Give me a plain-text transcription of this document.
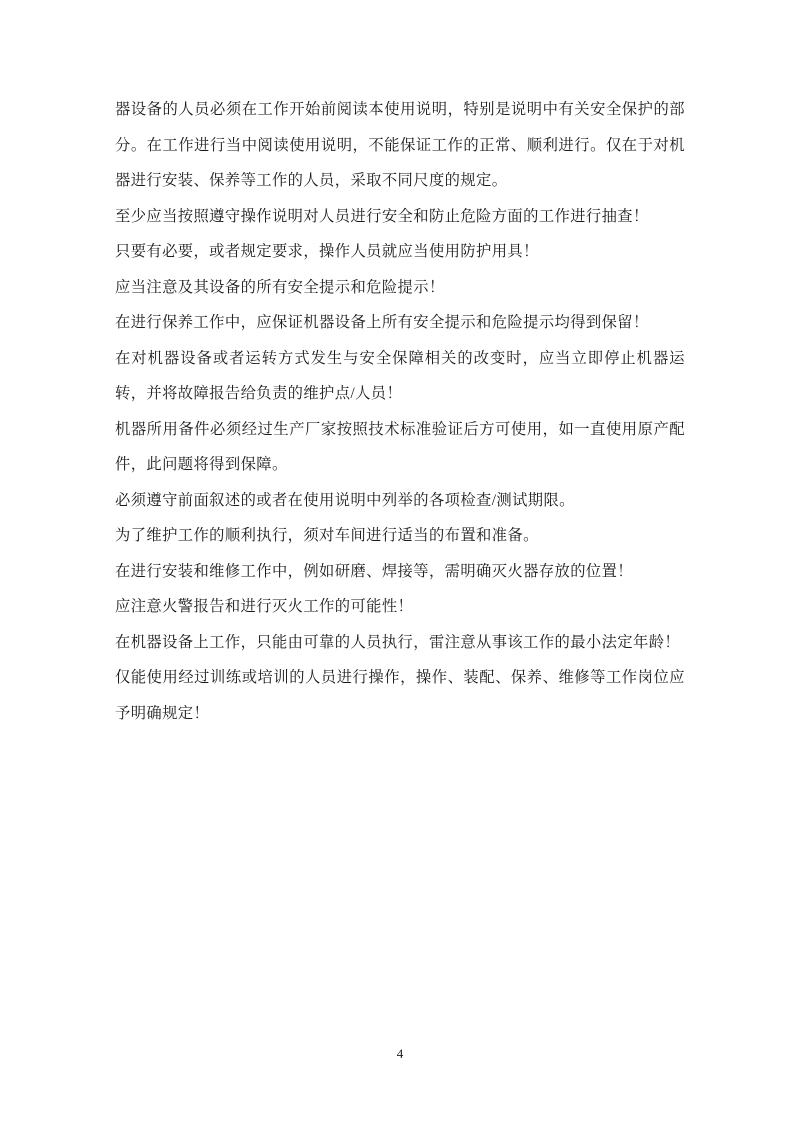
器设备的人员必须在工作开始前阅读本使用说明，特别是说明中有关安全保护的部分。在工作进行当中阅读使用说明，不能保证工作的正常、顺利进行。仅在于对机器进行安装、保养等工作的人员，采取不同尺度的规定。

至少应当按照遵守操作说明对人员进行安全和防止危险方面的工作进行抽查！

只要有必要，或者规定要求，操作人员就应当使用防护用具！

应当注意及其设备的所有安全提示和危险提示！

在进行保养工作中，应保证机器设备上所有安全提示和危险提示均得到保留！

在对机器设备或者运转方式发生与安全保障相关的改变时，应当立即停止机器运转，并将故障报告给负责的维护点/人员！

机器所用备件必须经过生产厂家按照技术标准验证后方可使用，如一直使用原产配件，此问题将得到保障。

必须遵守前面叙述的或者在使用说明中列举的各项检查/测试期限。

为了维护工作的顺利执行，须对车间进行适当的布置和准备。

在进行安装和维修工作中，例如研磨、焊接等，需明确灭火器存放的位置！

应注意火警报告和进行灭火工作的可能性！

在机器设备上工作，只能由可靠的人员执行，雷注意从事该工作的最小法定年龄！

仅能使用经过训练或培训的人员进行操作，操作、装配、保养、维修等工作岗位应予明确规定！

4
